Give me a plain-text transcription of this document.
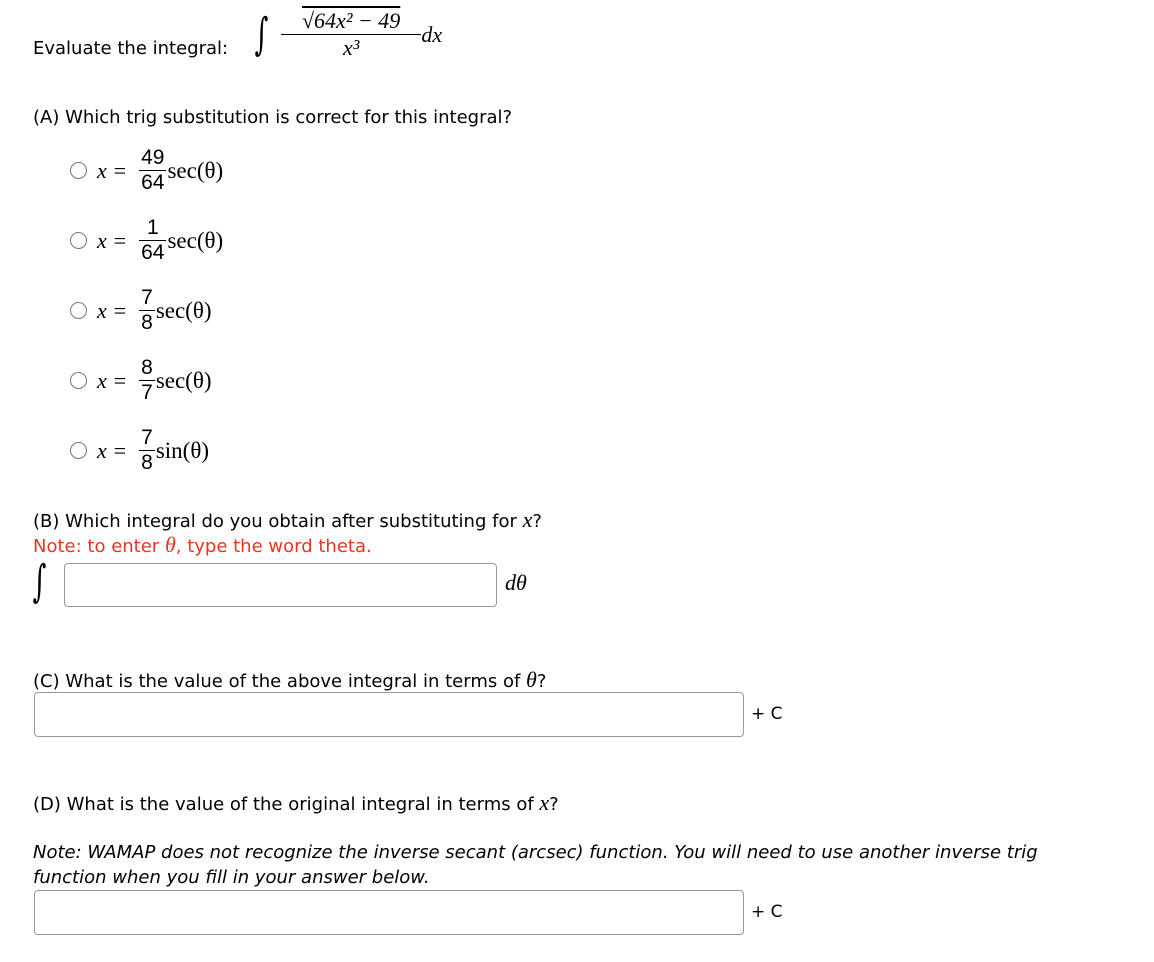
Evaluate the integral: ∫ $\frac{\text{√64x² − 49}}{\text{x³}}$ dx
(A) Which trig substitution is correct for this integral?
$x = \frac{49}{64} \sec(\theta)$
$x = \frac{1}{64} \sec(\theta)$
$x = \frac{7}{8} \sec(\theta)$
$x = \frac{8}{7} \sec(\theta)$
$x = \frac{7}{8} \sin(\theta)$
(B) Which integral do you obtain after substituting for x?
Note: to enter θ, type the word theta.
∫	dθ
(C) What is the value of the above integral in terms of θ?
+ C
(D) What is the value of the original integral in terms of x?
Note: WAMAP does not recognize the inverse secant (arcsec) function. You will need to use another inverse trig function when you fill in your answer below.
+ C
